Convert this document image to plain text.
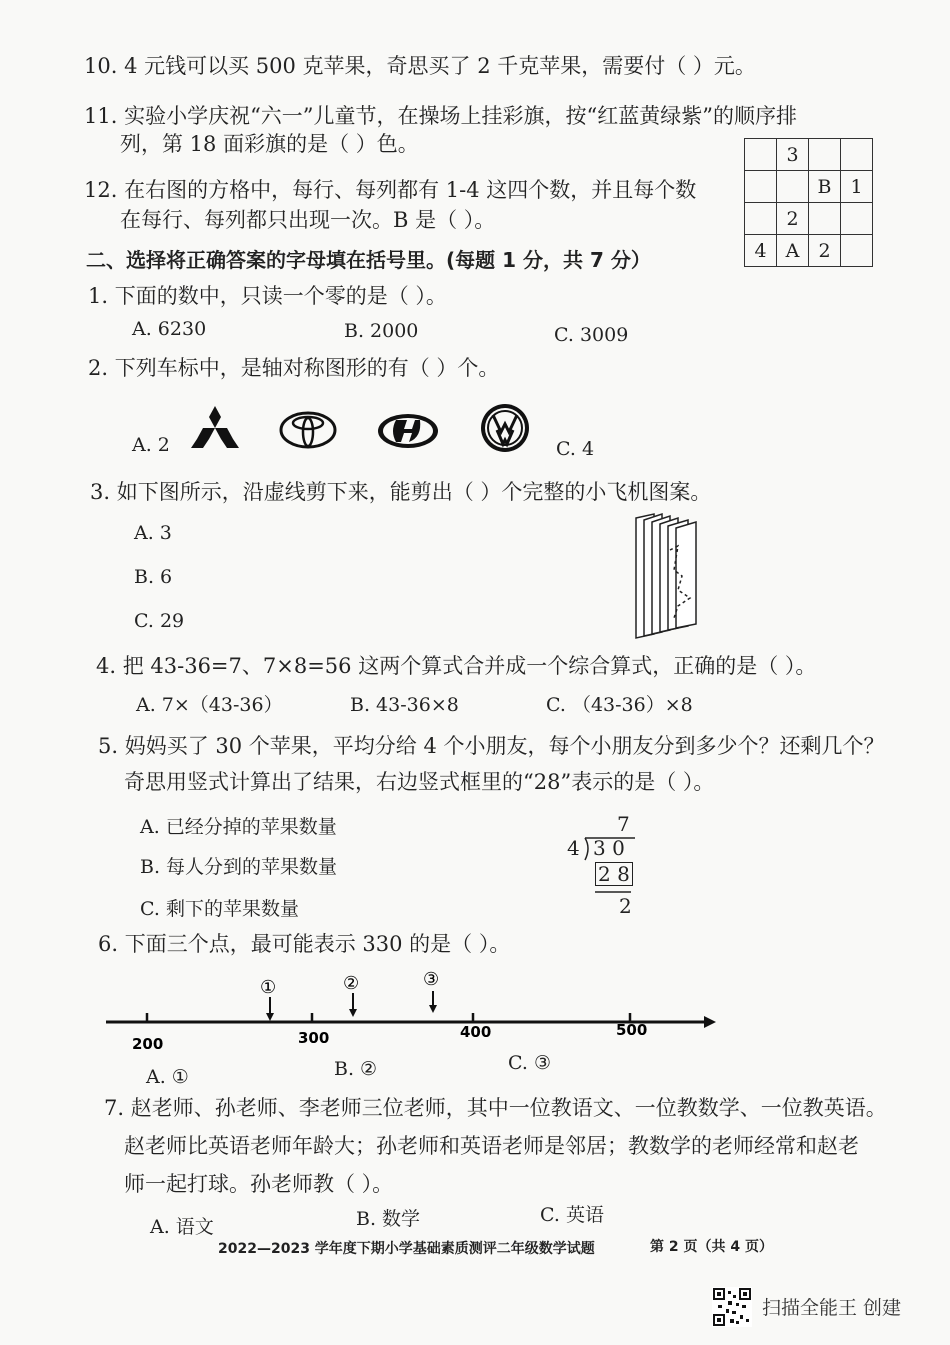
10. 4 元钱可以买 500 克苹果，奇思买了 2 千克苹果，需要付（ ）元。
11. 实验小学庆祝“六一”儿童节，在操场上挂彩旗，按“红蓝黄绿紫”的顺序排
列，第 18 面彩旗的是（ ）色。
12. 在右图的方格中，每行、每列都有 1-4 这四个数，并且每个数
在每行、每列都只出现一次。B 是（ ）。
	3		
		B	1
	2		
4	A	2	
二、选择将正确答案的字母填在括号里。(每题 1 分，共 7 分）
1. 下面的数中，只读一个零的是（ ）。
A. 6230	B. 2000	C. 3009
2. 下列车标中，是轴对称图形的有（ ）个。
A. 2	C. 4
3. 如下图所示，沿虚线剪下来，能剪出（ ）个完整的小飞机图案。
A. 3
B. 6
C. 29
4. 把 43-36=7、7×8=56 这两个算式合并成一个综合算式，正确的是（ ）。
A. 7×（43-36）	B. 43-36×8	C. （43-36）×8
5. 妈妈买了 30 个苹果，平均分给 4 个小朋友，每个小朋友分到多少个？还剩几个？
奇思用竖式计算出了结果，右边竖式框里的“28”表示的是（ ）。
A. 已经分掉的苹果数量
B. 每人分到的苹果数量
C. 剩下的苹果数量
7
4 3 0
2 8
2
6. 下面三个点，最可能表示 330 的是（ ）。
200	300	400	500
①	②	③
A. ①	B. ②	C. ③
7. 赵老师、孙老师、李老师三位老师，其中一位教语文、一位教数学、一位教英语。
赵老师比英语老师年龄大；孙老师和英语老师是邻居；教数学的老师经常和赵老
师一起打球。孙老师教（ ）。
A. 语文	B. 数学	C. 英语
2022—2023 学年度下期小学基础素质测评二年级数学试题	第 2 页（共 4 页）
扫描全能王 创建
